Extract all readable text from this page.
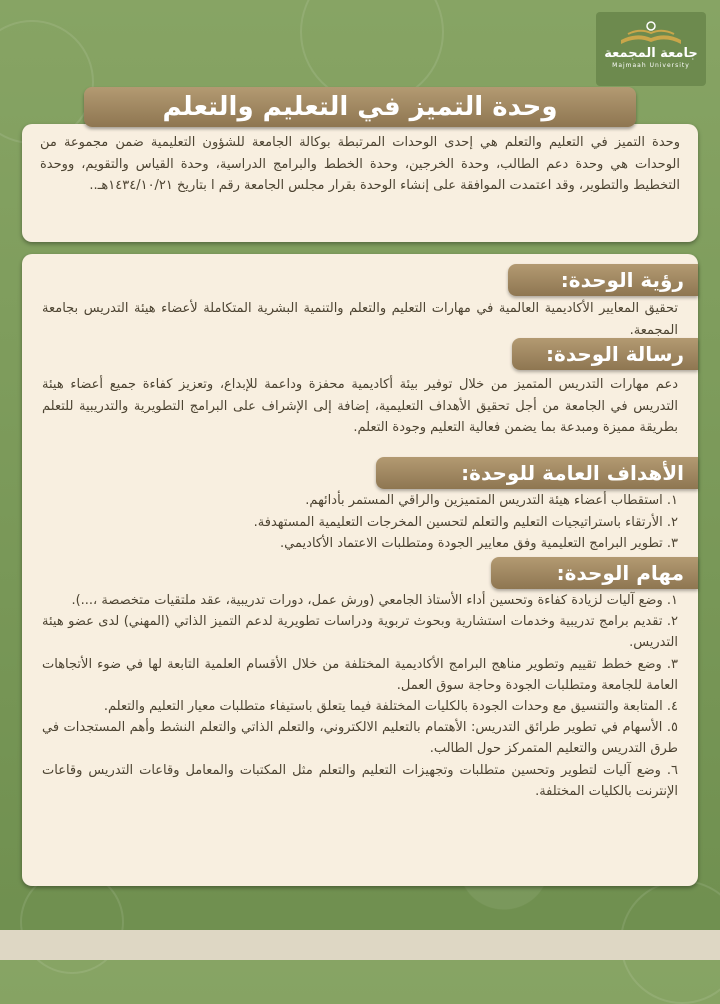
جامعة المجمعة
Majmaah University

وحدة التميز في التعليم والتعلم هي إحدى الوحدات المرتبطة بوكالة الجامعة للشؤون التعليمية ضمن مجموعة من الوحدات هي وحدة دعم الطالب، وحدة الخرجين، وحدة الخطط والبرامج الدراسية، وحدة القياس والتقويم، ووحدة التخطيط والتطوير، وقد اعتمدت الموافقة على إنشاء الوحدة بقرار مجلس الجامعة رقم ا بتاريخ ١٤٣٤/١٠/٢١هـ..

وحدة التميز في التعليم والتعلم
رؤية الوحدة:

تحقيق المعايير الأكاديمية العالمية في مهارات التعليم والتعلم والتنمية البشرية المتكاملة لأعضاء هيئة التدريس بجامعة المجمعة.

رسالة الوحدة:

دعم مهارات التدريس المتميز من خلال توفير بيئة أكاديمية محفزة وداعمة للإبداع، وتعزيز كفاءة جميع أعضاء هيئة التدريس في الجامعة من أجل تحقيق الأهداف التعليمية، إضافة إلى الإشراف على البرامج التطويرية والتدريبية للتعلم بطريقة مميزة ومبدعة بما يضمن فعالية التعليم وجودة التعلم.

الأهداف العامة للوحدة:
١. استقطاب أعضاء هيئة التدريس المتميزين والراقي المستمر بأدائهم.
٢. الأرتقاء باستراتيجيات التعليم والتعلم لتحسين المخرجات التعليمية المستهدفة.
٣. تطوير البرامج التعليمية وفق معايير الجودة ومتطلبات الاعتماد الأكاديمي.
مهام الوحدة:
١. وضع آليات لزيادة كفاءة وتحسين أداء الأستاذ الجامعي (ورش عمل، دورات تدريبية، عقد ملتقيات متخصصة ،...).
٢. تقديم برامج تدريبية وخدمات استشارية وبحوث تربوية ودراسات تطويرية لدعم التميز الذاتي (المهني) لدى عضو هيئة التدريس.
٣. وضع خطط تقييم وتطوير مناهج البرامج الأكاديمية المختلفة من خلال الأقسام العلمية التابعة لها في ضوء الأتجاهات العامة للجامعة ومتطلبات الجودة وحاجة سوق العمل.
٤. المتابعة والتنسيق مع وحدات الجودة بالكليات المختلفة فيما يتعلق باستيفاء متطلبات معيار التعليم والتعلم.
٥. الأسهام في تطوير طرائق التدريس: الأهتمام بالتعليم الالكتروني، والتعلم الذاتي والتعلم النشط وأهم المستجدات في طرق التدريس والتعليم المتمركز حول الطالب.
٦. وضع آليات لتطوير وتحسين متطلبات وتجهيزات التعليم والتعلم مثل المكتبات والمعامل وقاعات التدريس وقاعات الإنترنت بالكليات المختلفة.
